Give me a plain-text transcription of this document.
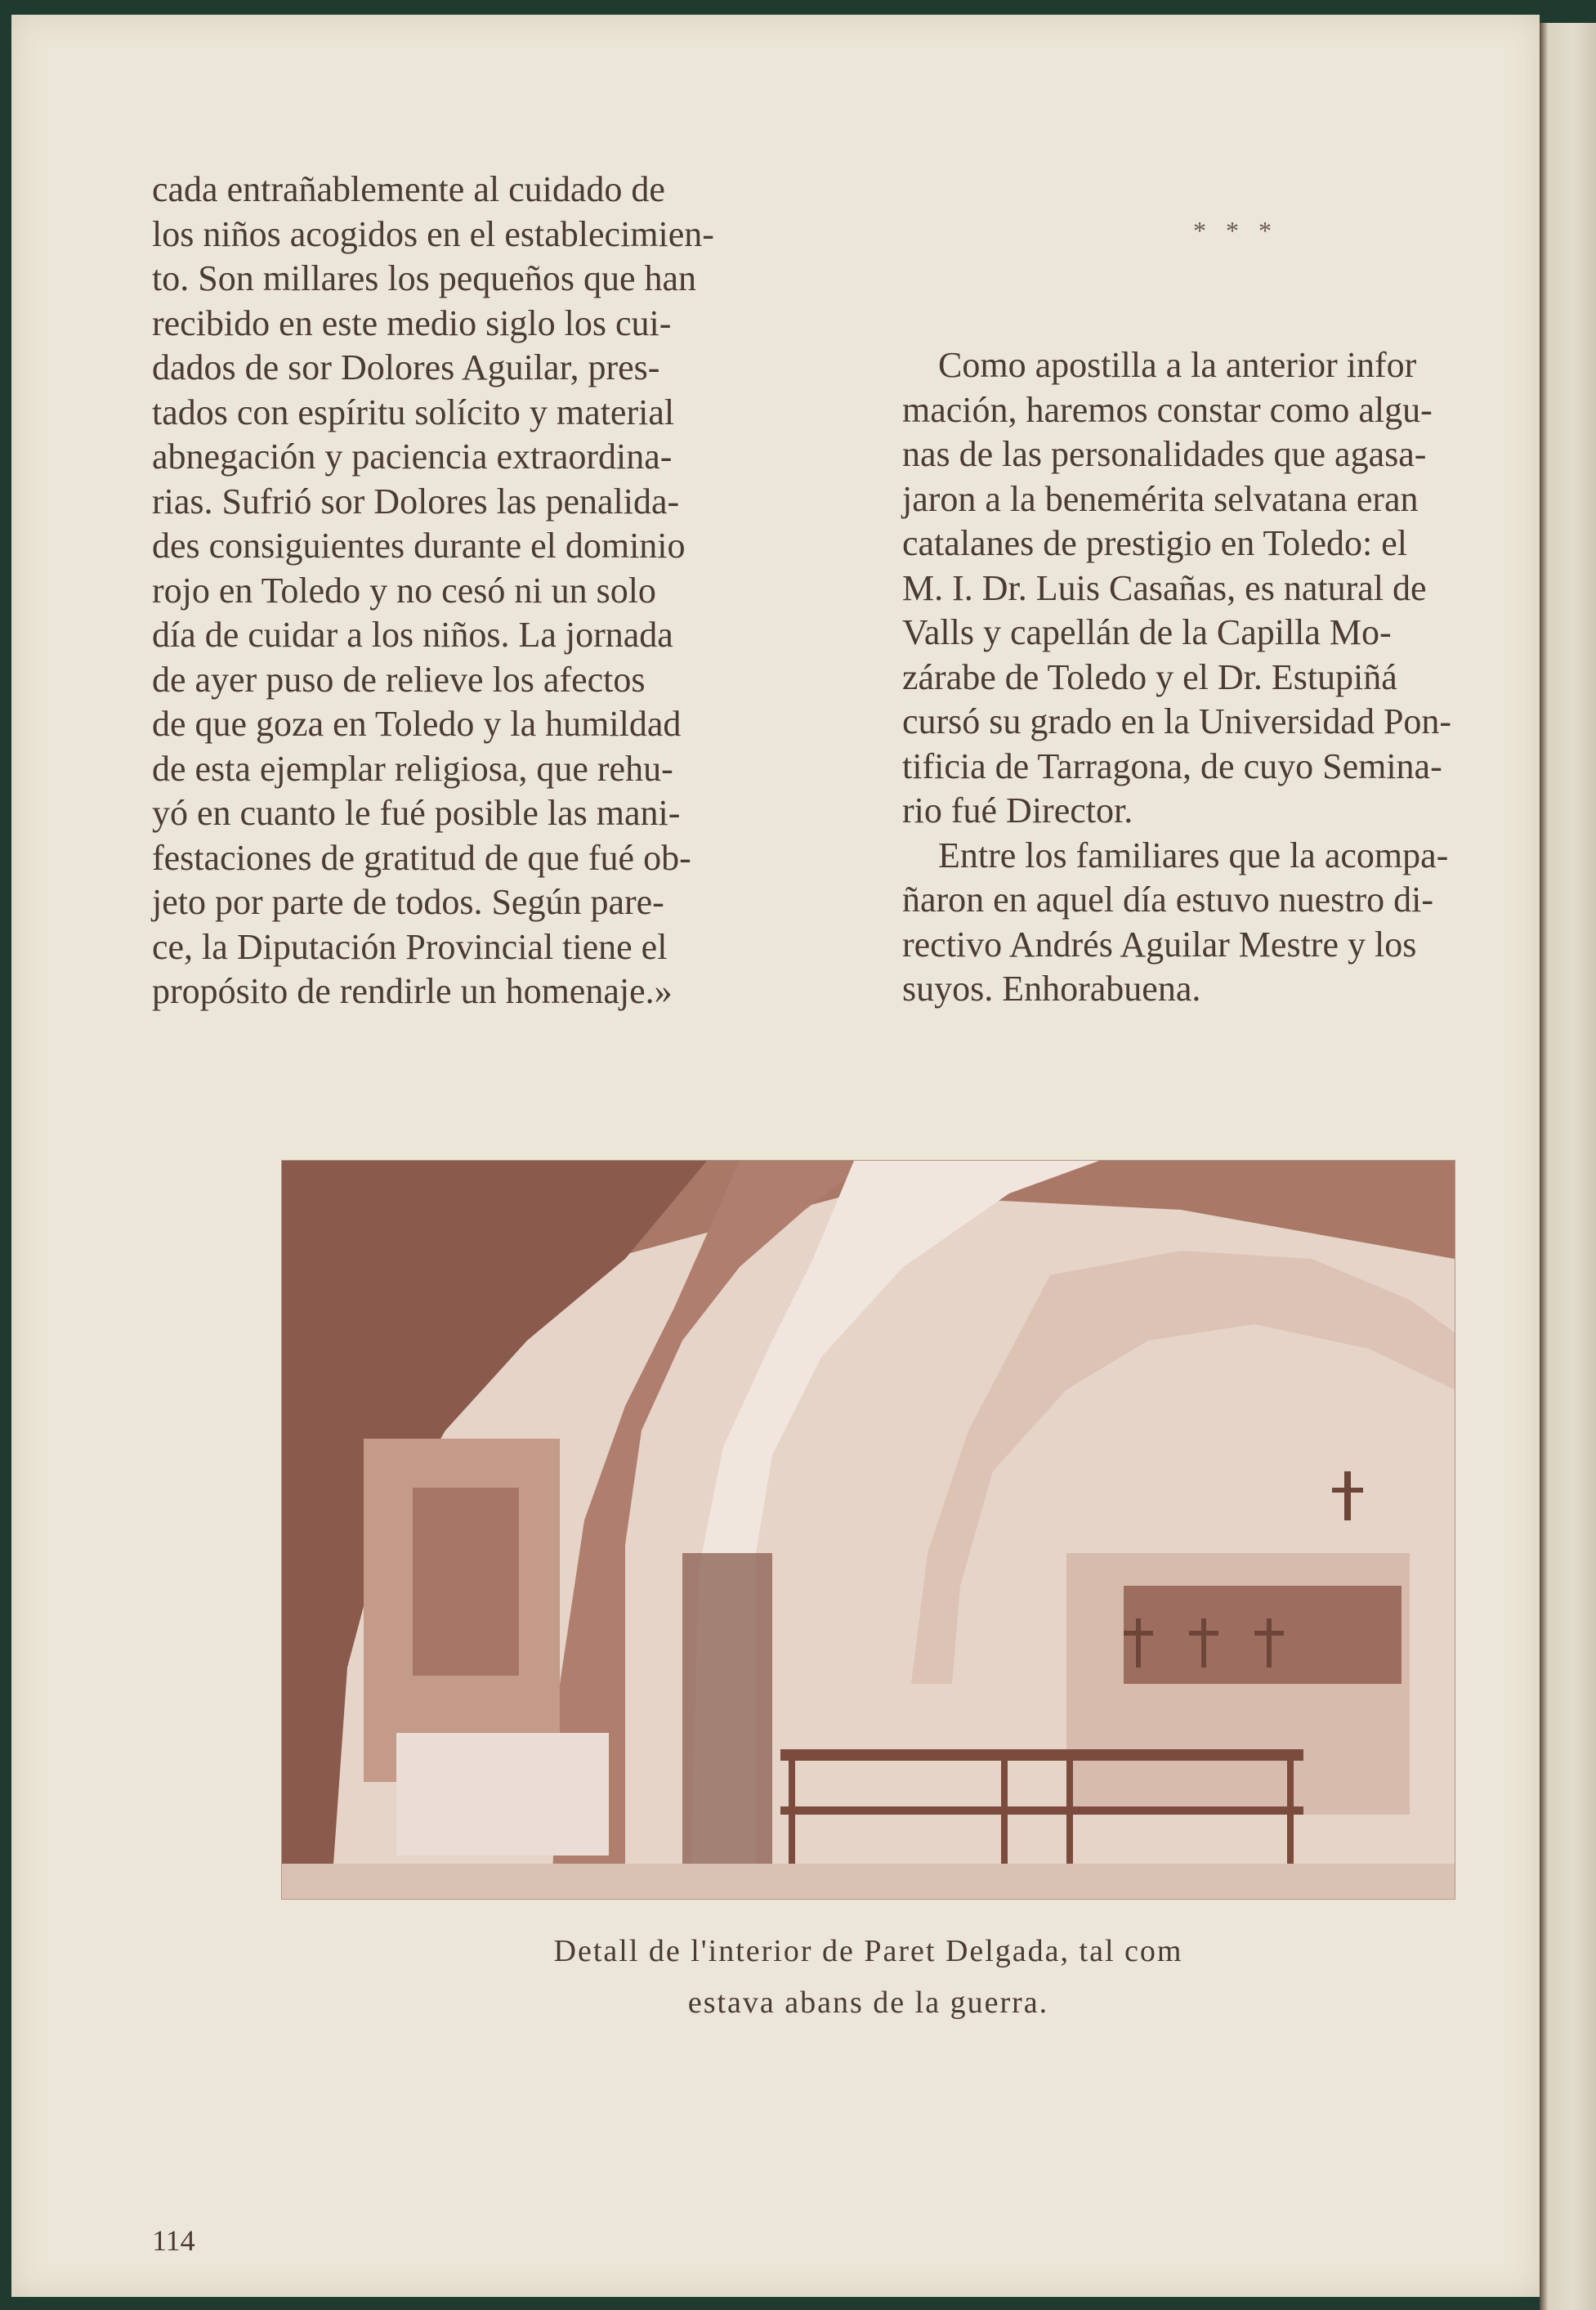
* * *
cada entrañablemente al cuidado de
los niños acogidos en el establecimien-
to. Son millares los pequeños que han
recibido en este medio siglo los cui-
dados de sor Dolores Aguilar, pres-
tados con espíritu solícito y material
abnegación y paciencia extraordina-
rias. Sufrió sor Dolores las penalida-
des consiguientes durante el dominio
rojo en Toledo y no cesó ni un solo
día de cuidar a los niños. La jornada
de ayer puso de relieve los afectos
de que goza en Toledo y la humildad
de esta ejemplar religiosa, que rehu-
yó en cuanto le fué posible las mani-
festaciones de gratitud de que fué ob-
jeto por parte de todos. Según pare-
ce, la Diputación Provincial tiene el
propósito de rendirle un homenaje.»
Como apostilla a la anterior infor
mación, haremos constar como algu-
nas de las personalidades que agasa-
jaron a la benemérita selvatana eran
catalanes de prestigio en Toledo: el
M. I. Dr. Luis Casañas, es natural de
Valls y capellán de la Capilla Mo-
zárabe de Toledo y el Dr. Estupiñá
cursó su grado en la Universidad Pon-
tificia de Tarragona, de cuyo Semina-
rio fué Director.
Entre los familiares que la acompa-
ñaron en aquel día estuvo nuestro di-
rectivo Andrés Aguilar Mestre y los
suyos. Enhorabuena.
Detall de l'interior de Paret Delgada, tal com
estava abans de la guerra.
114
